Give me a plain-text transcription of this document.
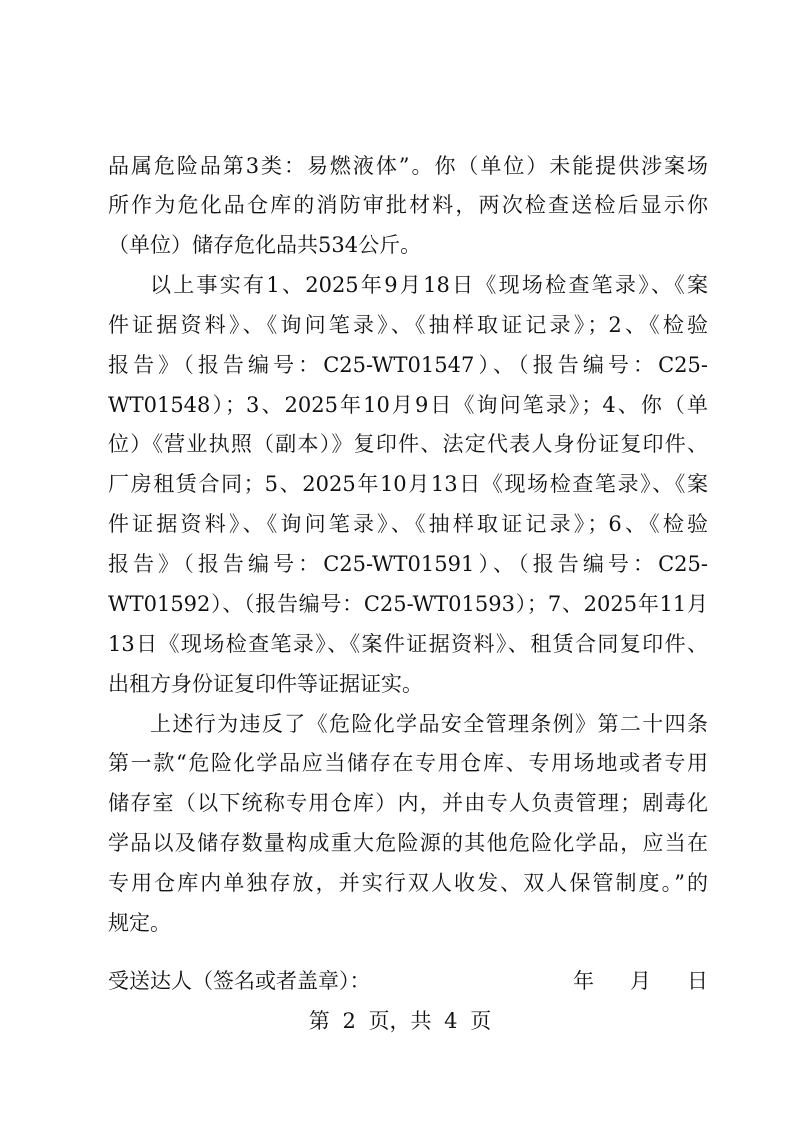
品属危险品第3类：易燃液体”。你（单位）未能提供涉案场
所作为危化品仓库的消防审批材料，两次检查送检后显示你
（单位）储存危化品共534公斤。
以上事实有1、2025年9月18日《现场检查笔录》、《案
件证据资料》、《询问笔录》、《抽样取证记录》；2、《检验
报告》（报告编号：C25-WT01547）、（报告编号：C25-
WT01548）；3、2025年10月9日《询问笔录》；4、你（单
位）《营业执照（副本）》复印件、法定代表人身份证复印件、
厂房租赁合同；5、2025年10月13日《现场检查笔录》、《案
件证据资料》、《询问笔录》、《抽样取证记录》；6、《检验
报告》（报告编号：C25-WT01591）、（报告编号：C25-
WT01592）、（报告编号：C25-WT01593）；7、2025年11月
13日《现场检查笔录》、《案件证据资料》、租赁合同复印件、
出租方身份证复印件等证据证实。
上述行为违反了《危险化学品安全管理条例》第二十四条
第一款“危险化学品应当储存在专用仓库、专用场地或者专用
储存室（以下统称专用仓库）内，并由专人负责管理；剧毒化
学品以及储存数量构成重大危险源的其他危险化学品，应当在
专用仓库内单独存放，并实行双人收发、双人保管制度。”的
规定。
受送达人（签名或者盖章）：	年 月 日
第 2 页，共 4 页
